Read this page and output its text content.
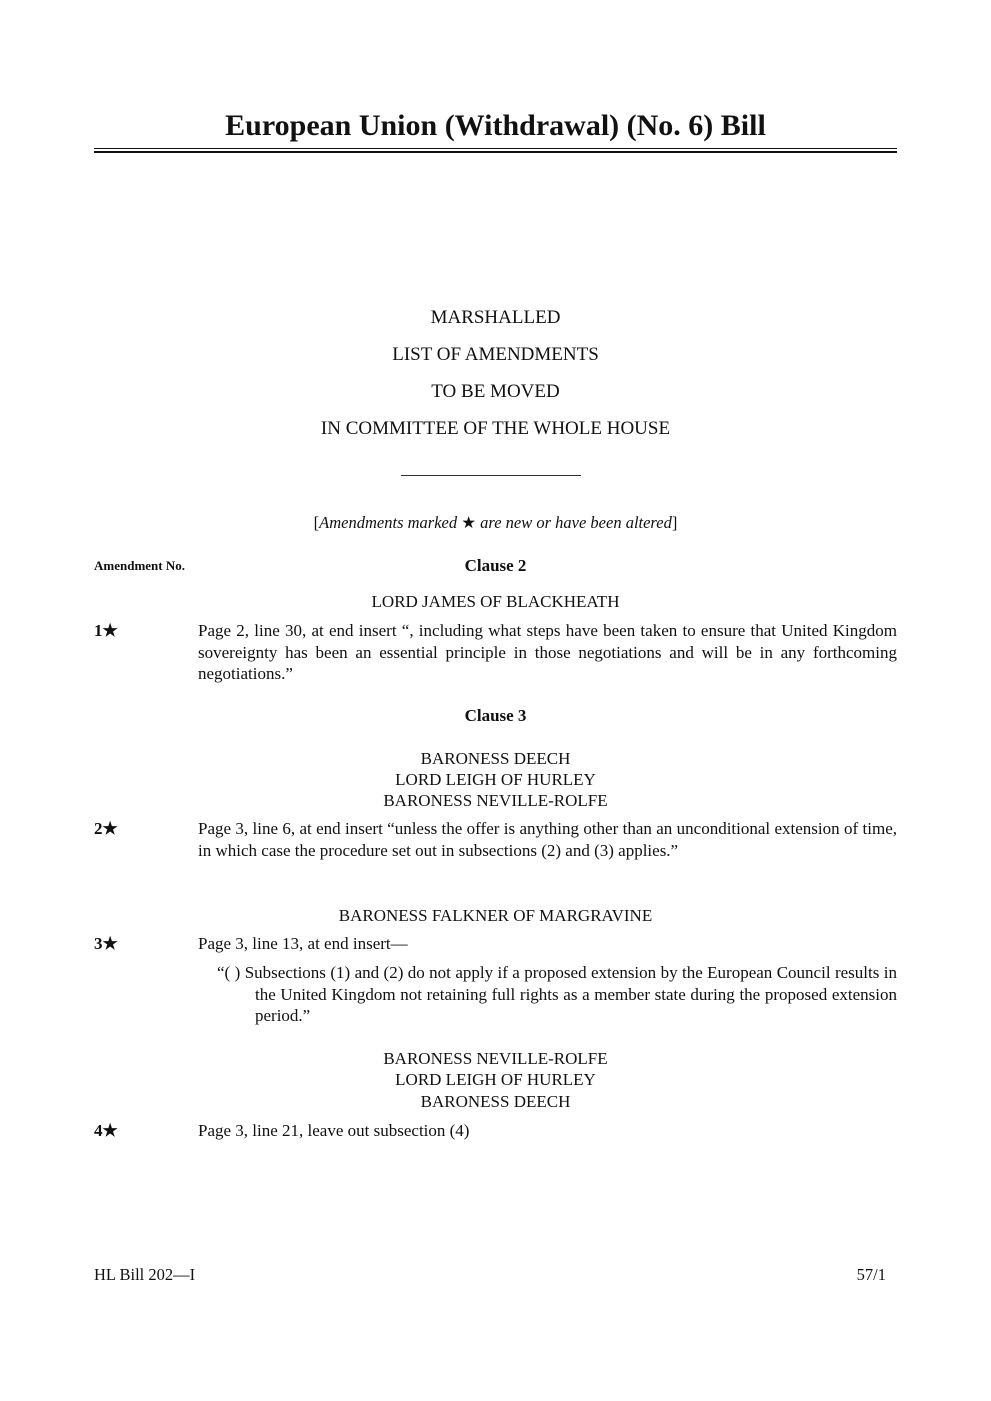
European Union (Withdrawal) (No. 6) Bill
MARSHALLED
LIST OF AMENDMENTS
TO BE MOVED
IN COMMITTEE OF THE WHOLE HOUSE
[Amendments marked ★ are new or have been altered]
Amendment No.	Clause 2
LORD JAMES OF BLACKHEATH
1★	Page 2, line 30, at end insert “, including what steps have been taken to ensure that United Kingdom sovereignty has been an essential principle in those negotiations and will be in any forthcoming negotiations.”
Clause 3
BARONESS DEECH
LORD LEIGH OF HURLEY
BARONESS NEVILLE-ROLFE
2★	Page 3, line 6, at end insert “unless the offer is anything other than an unconditional extension of time, in which case the procedure set out in subsections (2) and (3) applies.”
BARONESS FALKNER OF MARGRAVINE
3★	Page 3, line 13, at end insert—
“( ) Subsections (1) and (2) do not apply if a proposed extension by the European Council results in the United Kingdom not retaining full rights as a member state during the proposed extension period.”
BARONESS NEVILLE-ROLFE
LORD LEIGH OF HURLEY
BARONESS DEECH
4★	Page 3, line 21, leave out subsection (4)
HL Bill 202—I	57/1
